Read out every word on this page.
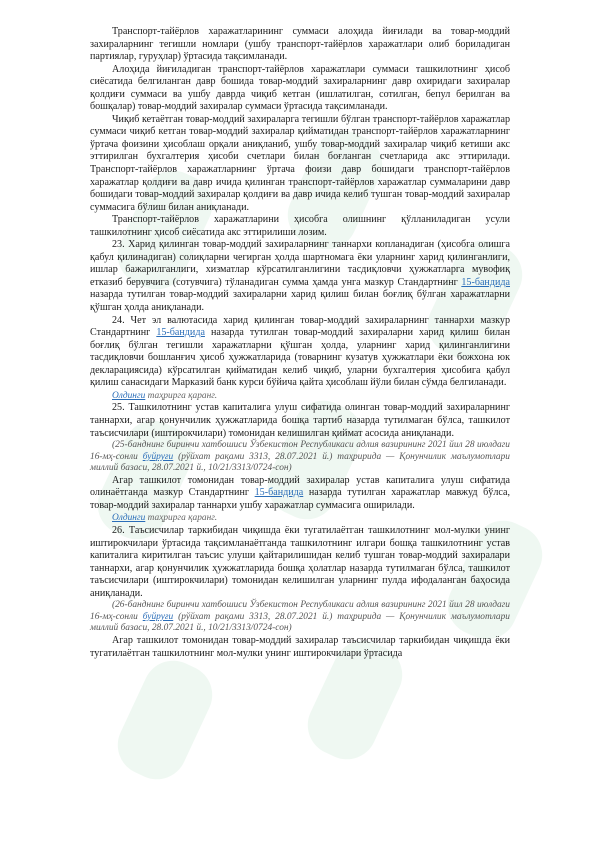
Транспорт-тайёрлов харажатларининг суммаси алоҳида йиғилади ва товар-моддий захираларнинг тегишли номлари (ушбу транспорт-тайёрлов харажатлари олиб бориладиган партиялар, гуруҳлар) ўртасида тақсимланади.

Алоҳида йиғиладиган транспорт-тайёрлов харажатлари суммаси ташкилотнинг ҳисоб сиёсатида белгиланган давр бошида товар-моддий захираларнинг давр охиридаги захиралар қолдиғи суммаси ва ушбу даврда чиқиб кетган (ишлатилган, сотилган, бепул берилган ва бошқалар) товар-моддий захиралар суммаси ўртасида тақсимланади.

Чиқиб кетаётган товар-моддий захираларга тегишли бўлган транспорт-тайёрлов харажатлар суммаси чиқиб кетган товар-моддий захиралар қийматидан транспорт-тайёрлов харажатларнинг ўртача фоизини ҳисоблаш орқали аниқланиб, ушбу товар-моддий захиралар чиқиб кетиши акс эттирилган бухгалтерия ҳисоби счетлари билан боғланган счетларида акс эттирилади. Транспорт-тайёрлов харажатларнинг ўртача фоизи давр бошидаги транспорт-тайёрлов харажатлар қолдиғи ва давр ичида қилинган транспорт-тайёрлов харажатлар суммаларини давр бошидаги товар-моддий захиралар қолдиғи ва давр ичида келиб тушган товар-моддий захиралар суммасига бўлиш билан аниқланади.

Транспорт-тайёрлов харажатларини ҳисобга олишнинг қўлланиладиган усули ташкилотнинг ҳисоб сиёсатида акс эттирилиши лозим.

23. Харид қилинган товар-моддий захираларнинг таннархи копланадиган (ҳисобга олишга қабул қилинадиган) солиқларни чегирган ҳолда шартномага ёки уларнинг харид қилинганлиги, ишлар бажарилганлиги, хизматлар кўрсатилганлигини тасдиқловчи ҳужжатларга мувофиқ етказиб берувчига (сотувчига) тўланадиган сумма ҳамда унга мазкур Стандартнинг 15-бандида назарда тутилган товар-моддий захираларни харид қилиш билан боғлиқ бўлган харажатларни қўшган ҳолда аниқланади.

24. Чет эл валютасида харид қилинган товар-моддий захираларнинг таннархи мазкур Стандартнинг 15-бандида назарда тутилган товар-моддий захираларни харид қилиш билан боғлиқ бўлган тегишли харажатларни қўшган ҳолда, уларнинг харид қилинганлигини тасдиқловчи бошланғич ҳисоб ҳужжатларида (товарнинг кузатув ҳужжатлари ёки божхона юк декларациясида) кўрсатилган қийматидан келиб чиқиб, уларни бухгалтерия ҳисобига қабул қилиш санасидаги Марказий банк курси бўйича қайта ҳисоблаш йўли билан сўмда белгиланади.

Олдинги таҳрирга қаранг.

25. Ташкилотнинг устав капиталига улуш сифатида олинган товар-моддий захираларнинг таннархи, агар қонунчилик ҳужжатларида бошқа тартиб назарда тутилмаган бўлса, ташкилот таъсисчилари (иштирокчилари) томонидан келишилган қиймат асосида аниқланади.

(25-банднинг биринчи хатбошиси Ўзбекистон Республикаси адлия вазирининг 2021 йил 28 июлдаги 16-мҳ-сонли буйруғи (рўйхат рақами 3313, 28.07.2021 й.) таҳририда — Қонунчилик маълумотлари миллий базаси, 28.07.2021 й., 10/21/3313/0724-сон)

Агар ташкилот томонидан товар-моддий захиралар устав капиталига улуш сифатида олинаётганда мазкур Стандартнинг 15-бандида назарда тутилган харажатлар мавжуд бўлса, товар-моддий захиралар таннархи ушбу харажатлар суммасига оширилади.

Олдинги таҳрирга қаранг.

26. Таъсисчилар таркибидан чиқишда ёки тугатилаётган ташкилотнинг мол-мулки унинг иштирокчилари ўртасида тақсимланаётганда ташкилотнинг илгари бошқа ташкилотнинг устав капиталига киритилган таъсис улуши қайтарилишидан келиб тушган товар-моддий захиралари таннархи, агар қонунчилик ҳужжатларида бошқа ҳолатлар назарда тутилмаган бўлса, ташкилот таъсисчилари (иштирокчилари) томонидан келишилган уларнинг пулда ифодаланган баҳосида аниқланади.

(26-банднинг биринчи хатбошиси Ўзбекистон Республикаси адлия вазирининг 2021 йил 28 июлдаги 16-мҳ-сонли буйруғи (рўйхат рақами 3313, 28.07.2021 й.) таҳририда — Қонунчилик маълумотлари миллий базаси, 28.07.2021 й., 10/21/3313/0724-сон)

Агар ташкилот томонидан товар-моддий захиралар таъсисчилар таркибидан чиқишда ёки тугатилаётган ташкилотнинг мол-мулки унинг иштирокчилари ўртасида
